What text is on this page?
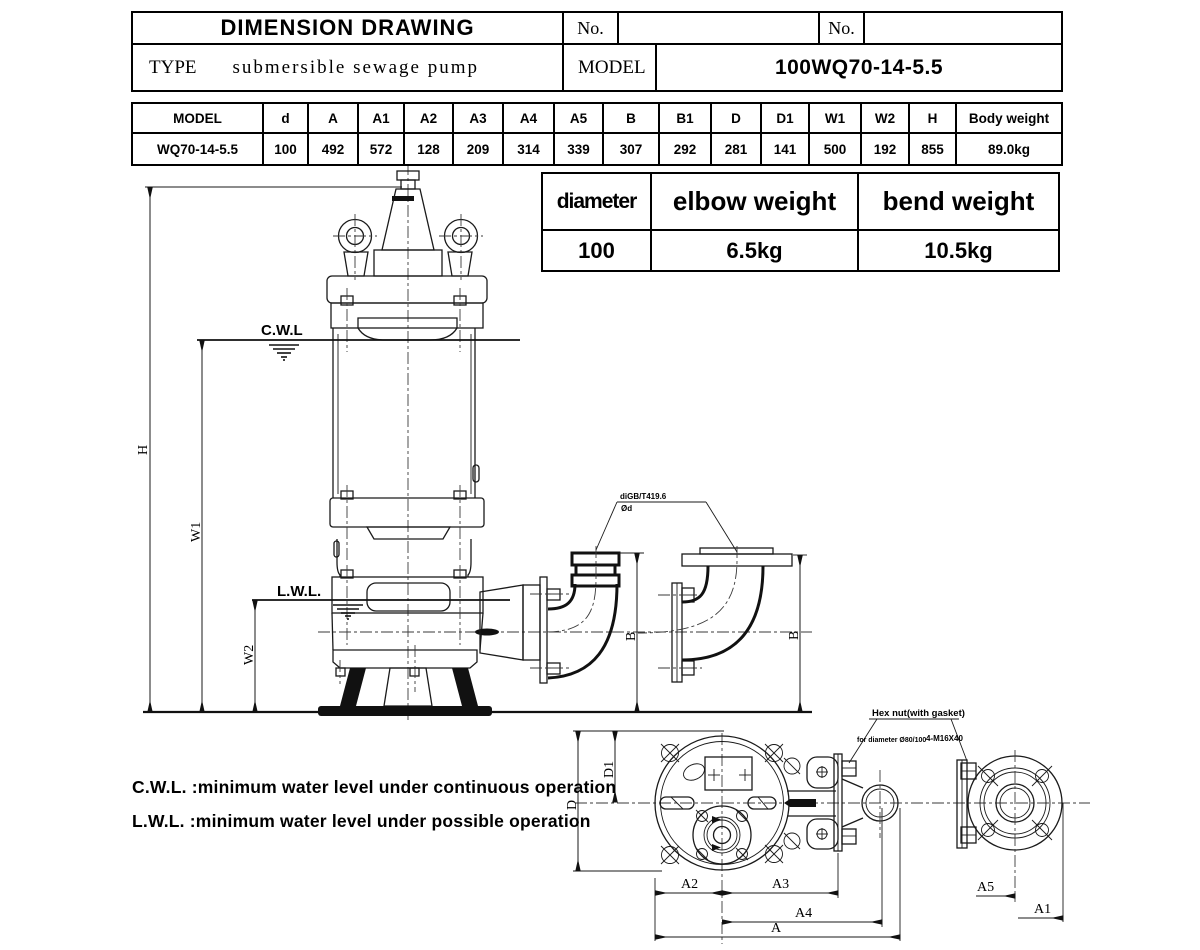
H
W1
W2
C.W.L
L.W.L.
B	B
diGB/T419.6
Ød
Hex nut(with gasket)
for diameter Ø80/100 4-M16X40
D
D1
A2	A3
A4
A
A5
A1
DIMENSION DRAWING	No.	No.
TYPE submersible sewage pump	MODEL	100WQ70-14-5.5
MODEL	d	A	A1	A2	A3	A4	A5	B	B1	D	D1	W1	W2	H	Body weight
WQ70-14-5.5	100	492	572	128	209	314	339	307	292	281	141	500	192	855	89.0kg
diameter	elbow weight	bend weight
100	6.5kg	10.5kg
C.W.L. :minimum water level under continuous operation
L.W.L. :minimum water level under possible operation
